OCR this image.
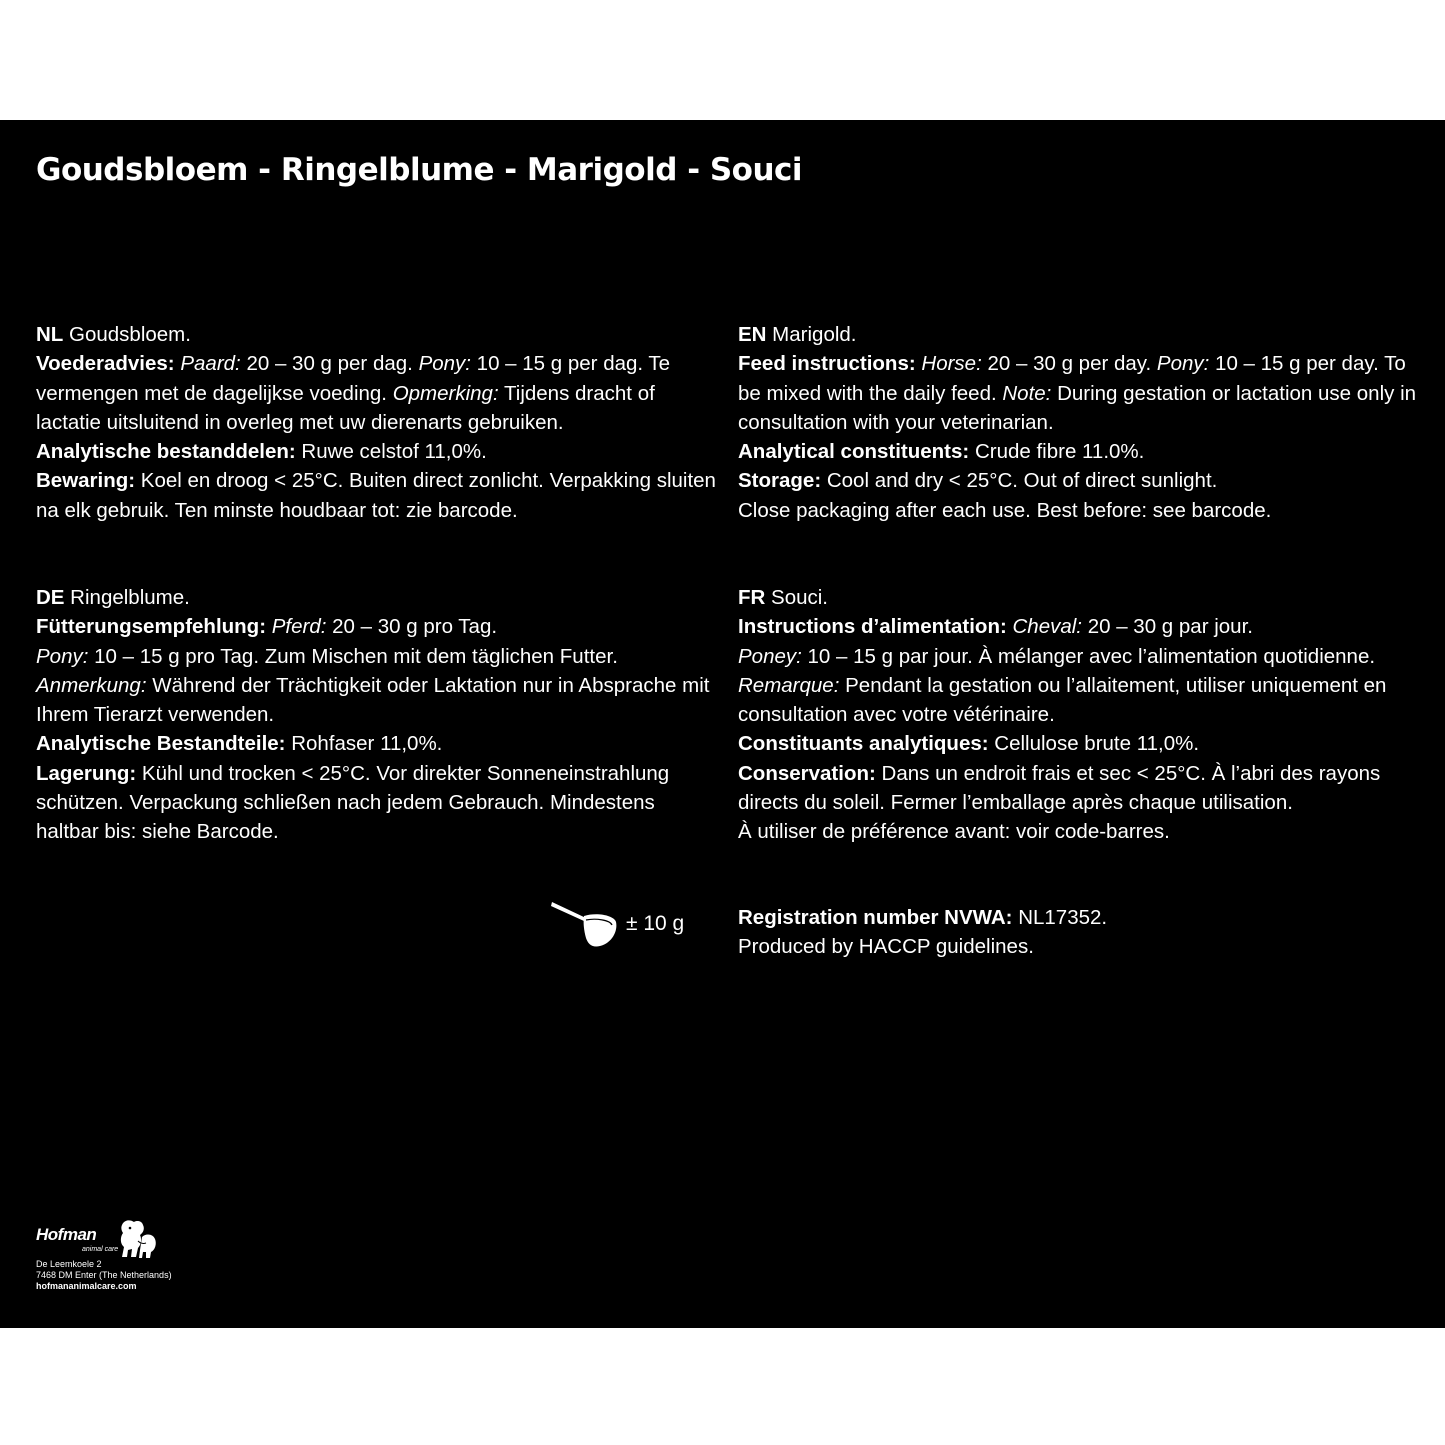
Goudsbloem - Ringelblume - Marigold - Souci

NL Goudsbloem.

Voederadvies: Paard: 20 – 30 g per dag. Pony: 10 – 15 g per dag. Te vermengen met de dagelijkse voeding. Opmerking: Tijdens dracht of lactatie uitsluitend in overleg met uw dierenarts gebruiken.

Analytische bestanddelen: Ruwe celstof 11,0%.

Bewaring: Koel en droog < 25°C. Buiten direct zonlicht. Verpakking sluiten na elk gebruik. Ten minste houdbaar tot: zie barcode.

EN Marigold.

Feed instructions: Horse: 20 – 30 g per day. Pony: 10 – 15 g per day. To be mixed with the daily feed. Note: During gestation or lactation use only in consultation with your veterinarian.

Analytical constituents: Crude fibre 11.0%.

Storage: Cool and dry < 25°C. Out of direct sunlight.

Close packaging after each use. Best before: see barcode.

DE Ringelblume.

Fütterungsempfehlung: Pferd: 20 – 30 g pro Tag.

Pony: 10 – 15 g pro Tag. Zum Mischen mit dem täglichen Futter.

Anmerkung: Während der Trächtigkeit oder Laktation nur in Absprache mit Ihrem Tierarzt verwenden.

Analytische Bestandteile: Rohfaser 11,0%.

Lagerung: Kühl und trocken < 25°C. Vor direkter Sonneneinstrahlung schützen. Verpackung schließen nach jedem Gebrauch. Mindestens haltbar bis: siehe Barcode.

FR Souci.

Instructions d’alimentation: Cheval: 20 – 30 g par jour.

Poney: 10 – 15 g par jour. À mélanger avec l’alimentation quotidienne.

Remarque: Pendant la gestation ou l’allaitement, utiliser uniquement en consultation avec votre vétérinaire.

Constituants analytiques: Cellulose brute 11,0%.

Conservation: Dans un endroit frais et sec < 25°C. À l’abri des rayons directs du soleil. Fermer l’emballage après chaque utilisation.

À utiliser de préférence avant: voir code-barres.

± 10 g	Registration number NVWA: NL17352.

Produced by HACCP guidelines.

Hofman
animal care
De Leemkoele 2
7468 DM Enter (The Netherlands)
hofmananimalcare.com
